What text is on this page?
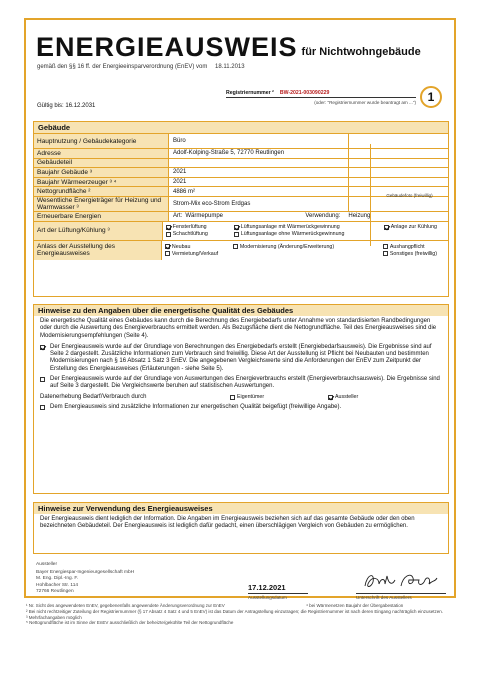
ENERGIEAUSWEIS für Nichtwohngebäude
gemäß den §§ 16 ff. der Energieeinsparverordnung (EnEV) vom 18.11.2013
Registriernummer ² BW-2021-003090229
(oder: "Registriernummer wurde beantragt am ...")
Gültig bis: 16.12.2031
1
Gebäude
Hauptnutzung / Gebäudekategorie	Büro
Adresse	Adolf-Kolping-Straße 5, 72770 Reutlingen
Gebäudeteil
Baujahr Gebäude ³	2021
Baujahr Wärmeerzeuger ³ ⁴	2021
Nettogrundfläche ²	4886 m²
Wesentliche Energieträger für Heizung und Warmwasser ³	Strom-Mix eco-Strom Erdgas
Gebäudefoto (freiwillig)
Erneuerbare Energien	Art: Wärmepumpe	Verwendung: Heizung
Art der Lüftung/Kühlung ³	Fensterlüftung	Lüftungsanlage mit Wärmerückgewinnung	Anlage zur Kühlung
Schachtlüftung	Lüftungsanlage ohne Wärmerückgewinnung
Anlass der Ausstellung des Energieausweises
Neubau	Modernisierung (Änderung/Erweiterung)	Aushangpflicht
Vermietung/Verkauf	Sonstiges (freiwillig)
Hinweise zu den Angaben über die energetische Qualität des Gebäudes
Die energetische Qualität eines Gebäudes kann durch die Berechnung des Energiebedarfs unter Annahme von standardisierten Randbedingungen oder durch die Auswertung des Energieverbrauchs ermittelt werden. Als Bezugsfläche dient die Nettogrundfläche. Teil des Energieausweises sind die Modernisierungsempfehlungen (Seite 4).
Der Energieausweis wurde auf der Grundlage von Berechnungen des Energiebedarfs erstellt (Energiebedarfsausweis). Die Ergebnisse sind auf Seite 2 dargestellt. Zusätzliche Informationen zum Verbrauch sind freiwillig. Diese Art der Ausstellung ist Pflicht bei Neubauten und bestimmten Modernisierungen nach § 16 Absatz 1 Satz 3 EnEV. Die angegebenen Vergleichswerte sind die Anforderungen der EnEV zum Zeitpunkt der Erstellung des Energieausweises (Erläuterungen - siehe Seite 5).
Der Energieausweis wurde auf der Grundlage von Auswertungen des Energieverbrauchs erstellt (Energieverbrauchsausweis). Die Ergebnisse sind auf Seite 3 dargestellt. Die Vergleichswerte beruhen auf statistischen Auswertungen.
Datenerhebung Bedarf/Verbrauch durch	Eigentümer	Aussteller
Dem Energieausweis sind zusätzliche Informationen zur energetischen Qualität beigefügt (freiwillige Angabe).
Hinweise zur Verwendung des Energieausweises
Der Energieausweis dient lediglich der Information. Die Angaben im Energieausweis beziehen sich auf das gesamte Gebäude oder den oben bezeichneten Gebäudeteil. Der Energieausweis ist lediglich dafür gedacht, einen überschlägigen Vergleich von Gebäuden zu ermöglichen.
Aussteller
Bayer Energiespar-Ingenieurgesellschaft mbH
M. Eng. Dipl.-Ing. F.
Hohlbacher Str. 114
72766 Reutlingen	17.12.2021
Ausstellungsdatum	Unterschrift des Ausstellers
¹ Nr. Sicht des angewendeten EnEV, gegebenenfalls angewendete Änderungsverordnung zur EnEV	⁴ bei Wärmenetzen Baujahr der Übergabestation
² Bei nicht rechtzeitiger Zuteilung der Registriernummer (§ 17 Absatz 4 Satz 4 und 5 EnEV) ist das Datum der Antragstellung einzutragen; die Registriernummer ist nach deren Eingang nachträglich einzusetzen.
³ Mehrfachangaben möglich
⁵ Nettogrundfläche ist im Sinne der EnEV ausschließlich der beheizte/gekühlte Teil der Nettogrundfläche
